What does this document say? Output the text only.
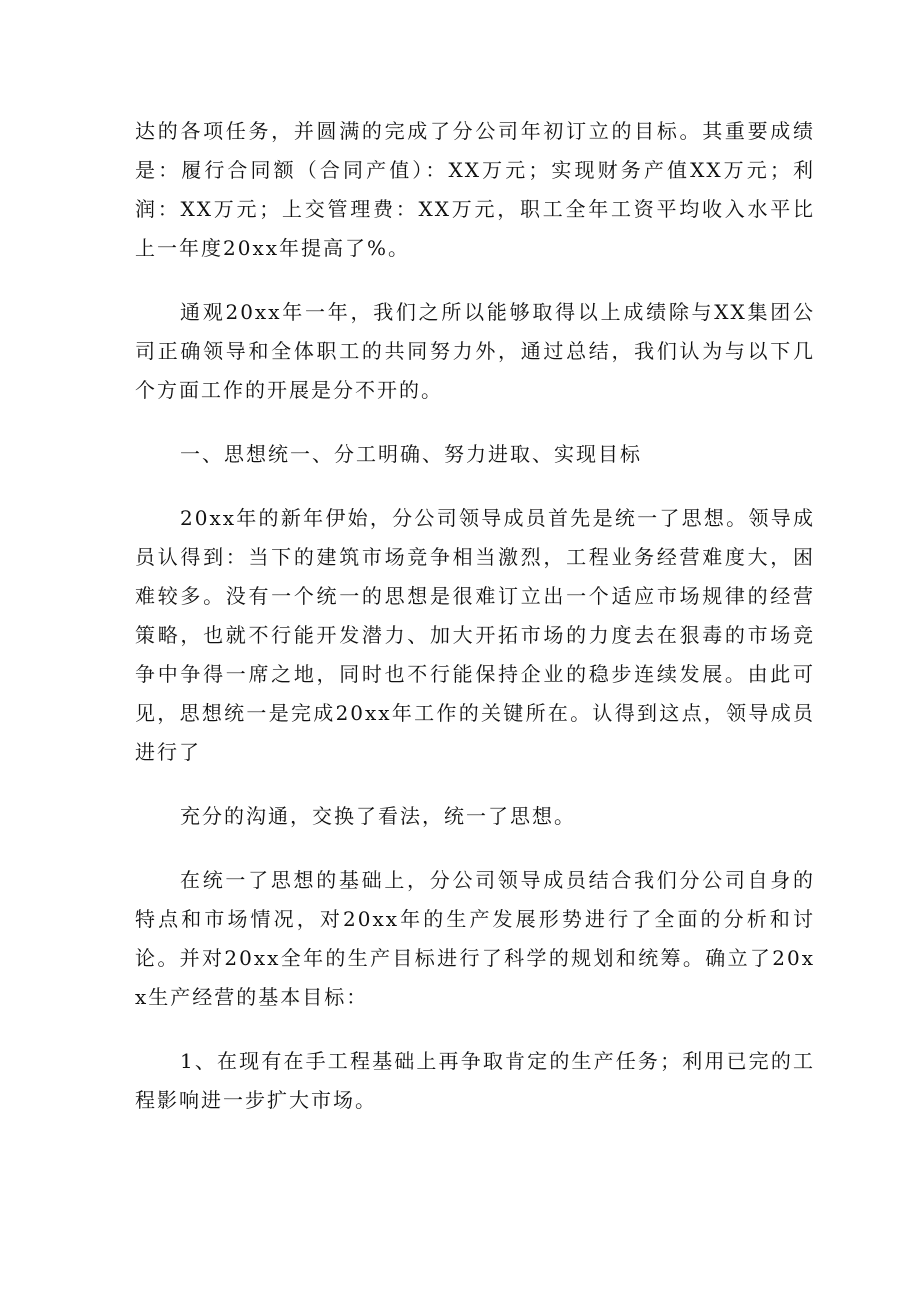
达的各项任务，并圆满的完成了分公司年初订立的目标。其重要成绩是：履行合同额（合同产值）：XX万元；实现财务产值XX万元；利润：XX万元；上交管理费：XX万元，职工全年工资平均收入水平比上一年度20xx年提高了%。

通观20xx年一年，我们之所以能够取得以上成绩除与XX集团公司正确领导和全体职工的共同努力外，通过总结，我们认为与以下几个方面工作的开展是分不开的。

一、思想统一、分工明确、努力进取、实现目标

20xx年的新年伊始，分公司领导成员首先是统一了思想。领导成员认得到：当下的建筑市场竞争相当激烈，工程业务经营难度大，困难较多。没有一个统一的思想是很难订立出一个适应市场规律的经营策略，也就不行能开发潜力、加大开拓市场的力度去在狠毒的市场竞争中争得一席之地，同时也不行能保持企业的稳步连续发展。由此可见，思想统一是完成20xx年工作的关键所在。认得到这点，领导成员进行了

充分的沟通，交换了看法，统一了思想。

在统一了思想的基础上，分公司领导成员结合我们分公司自身的特点和市场情况，对20xx年的生产发展形势进行了全面的分析和讨论。并对20xx全年的生产目标进行了科学的规划和统筹。确立了20xx生产经营的基本目标：

1、在现有在手工程基础上再争取肯定的生产任务；利用已完的工程影响进一步扩大市场。
